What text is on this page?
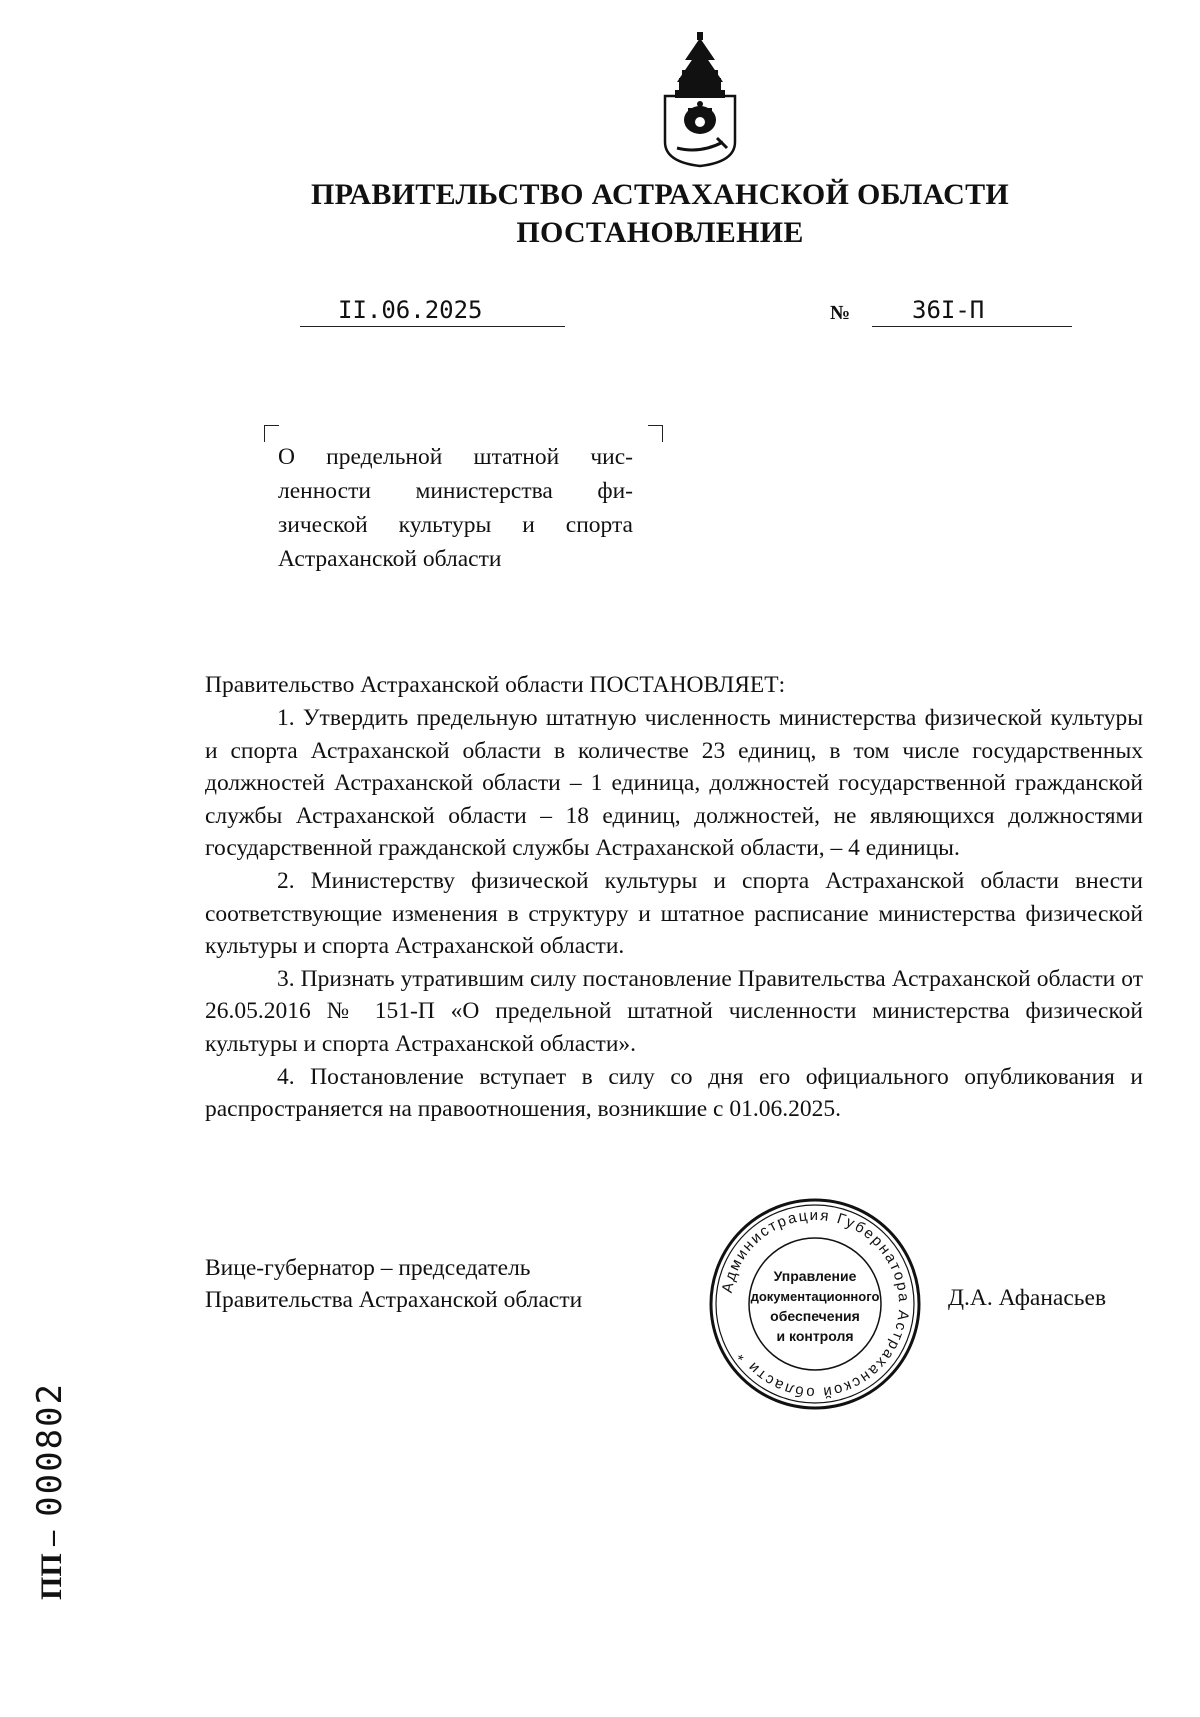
ПРАВИТЕЛЬСТВО АСТРАХАНСКОЙ ОБЛАСТИ
ПОСТАНОВЛЕНИЕ
II.06.2025	№	36I-П
О предельной штатной чис-
ленности министерства фи-
зической культуры и спорта
Астраханской области
Правительство Астраханской области ПОСТАНОВЛЯЕТ:

1. Утвердить предельную штатную численность министерства физической культуры и спорта Астраханской области в количестве 23 единиц, в том числе государственных должностей Астраханской области – 1 единица, должностей государственной гражданской службы Астраханской области – 18 единиц, должностей, не являющихся должностями государственной гражданской службы Астраханской области, – 4 единицы.

2. Министерству физической культуры и спорта Астраханской области внести соответствующие изменения в структуру и штатное расписание министерства физической культуры и спорта Астраханской области.

3. Признать утратившим силу постановление Правительства Астраханской области от 26.05.2016 № 151-П «О предельной штатной численности министерства физической культуры и спорта Астраханской области».

4. Постановление вступает в силу со дня его официального опубликования и распространяется на правоотношения, возникшие с 01.06.2025.

Вице-губернатор – председатель
Правительства Астраханской области
Администрация Губернатора Астраханской области *
Управление
документационного
обеспечения
и контроля
Д.А. Афанасьев
ПП –
000802
